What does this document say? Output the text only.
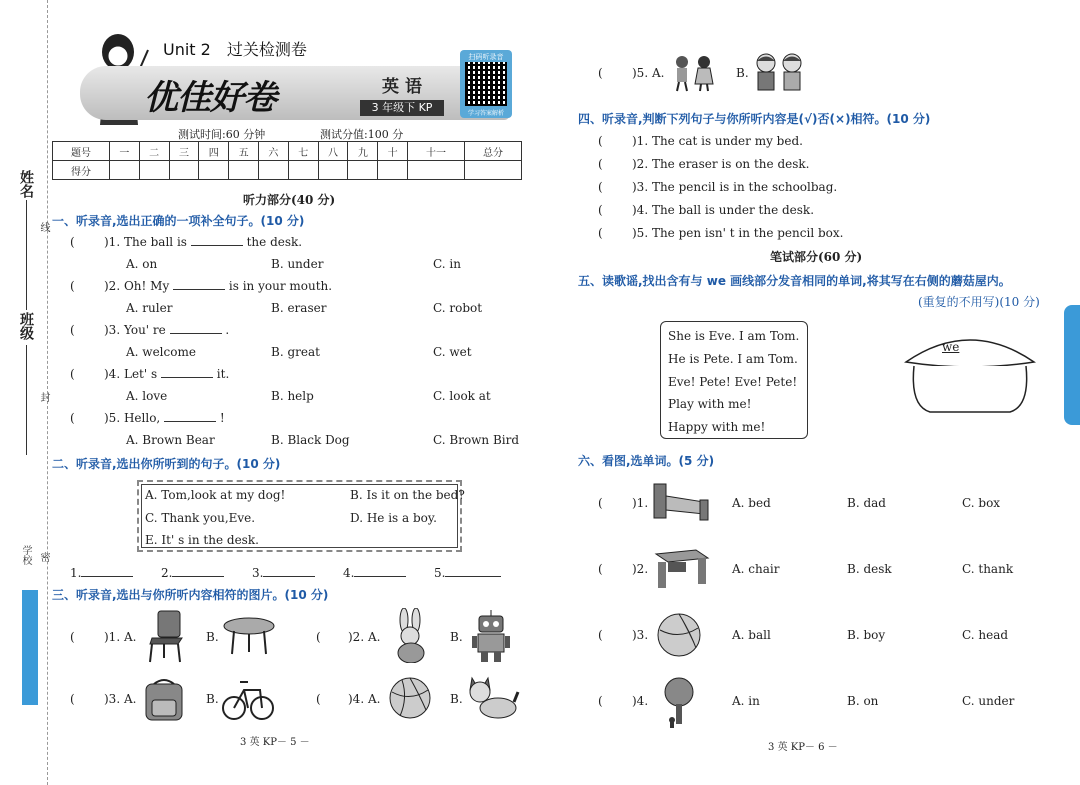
姓名
线
班级
封
密
学校
Unit 2　过关检测卷
优佳好卷	英 语
3 年级下 KP
扫码听录音
学习答案解析
测试时间:60 分钟	测试分值:100 分
题号	一	二	三	四	五	六	七	八	九	十	十一	总分
得分												
听力部分(40 分)
一、听录音,选出正确的一项补全句子。(10 分)
( )1. The ball is	the desk.
A. on	B. under	C. in
( )2. Oh! My	is in your mouth.
A. ruler	B. eraser	C. robot
( )3. You' re	.
A. welcome	B. great	C. wet
( )4. Let' s	it.
A. love	B. help	C. look at
( )5. Hello,	!
A. Brown Bear	B. Black Dog	C. Brown Bird
二、听录音,选出你所听到的句子。(10 分)
A. Tom,look at my dog!	B. Is it on the bed?
C. Thank you,Eve.	D. He is a boy.
E. It' s in the desk.
1.	2.	3.	4.	5.
三、听录音,选出与你所听内容相符的图片。(10 分)
( )1. A.	B.	( )2. A.	B.
( )3. A.	B.	( )4. A.	B.
( )5. A.	B.
四、听录音,判断下列句子与你所听内容是(√)否(×)相符。(10 分)
( )1. The cat is under my bed.
( )2. The eraser is on the desk.
( )3. The pencil is in the schoolbag.
( )4. The ball is under the desk.
( )5. The pen isn' t in the pencil box.
笔试部分(60 分)
五、读歌谣,找出含有与 we 画线部分发音相同的单词,将其写在右侧的蘑菇屋内。
(重复的不用写)(10 分)
She is Eve. I am Tom.
He is Pete. I am Tom.
Eve! Pete! Eve! Pete!
Play with me!
Happy with me!
we
六、看图,选单词。(5 分)
( )1.	A. bed	B. dad	C. box
( )2.	A. chair	B. desk	C. thank
( )3.	A. ball	B. boy	C. head
( )4.	A. in	B. on	C. under
3 英 KP－ 5 －	3 英 KP－ 6 －
